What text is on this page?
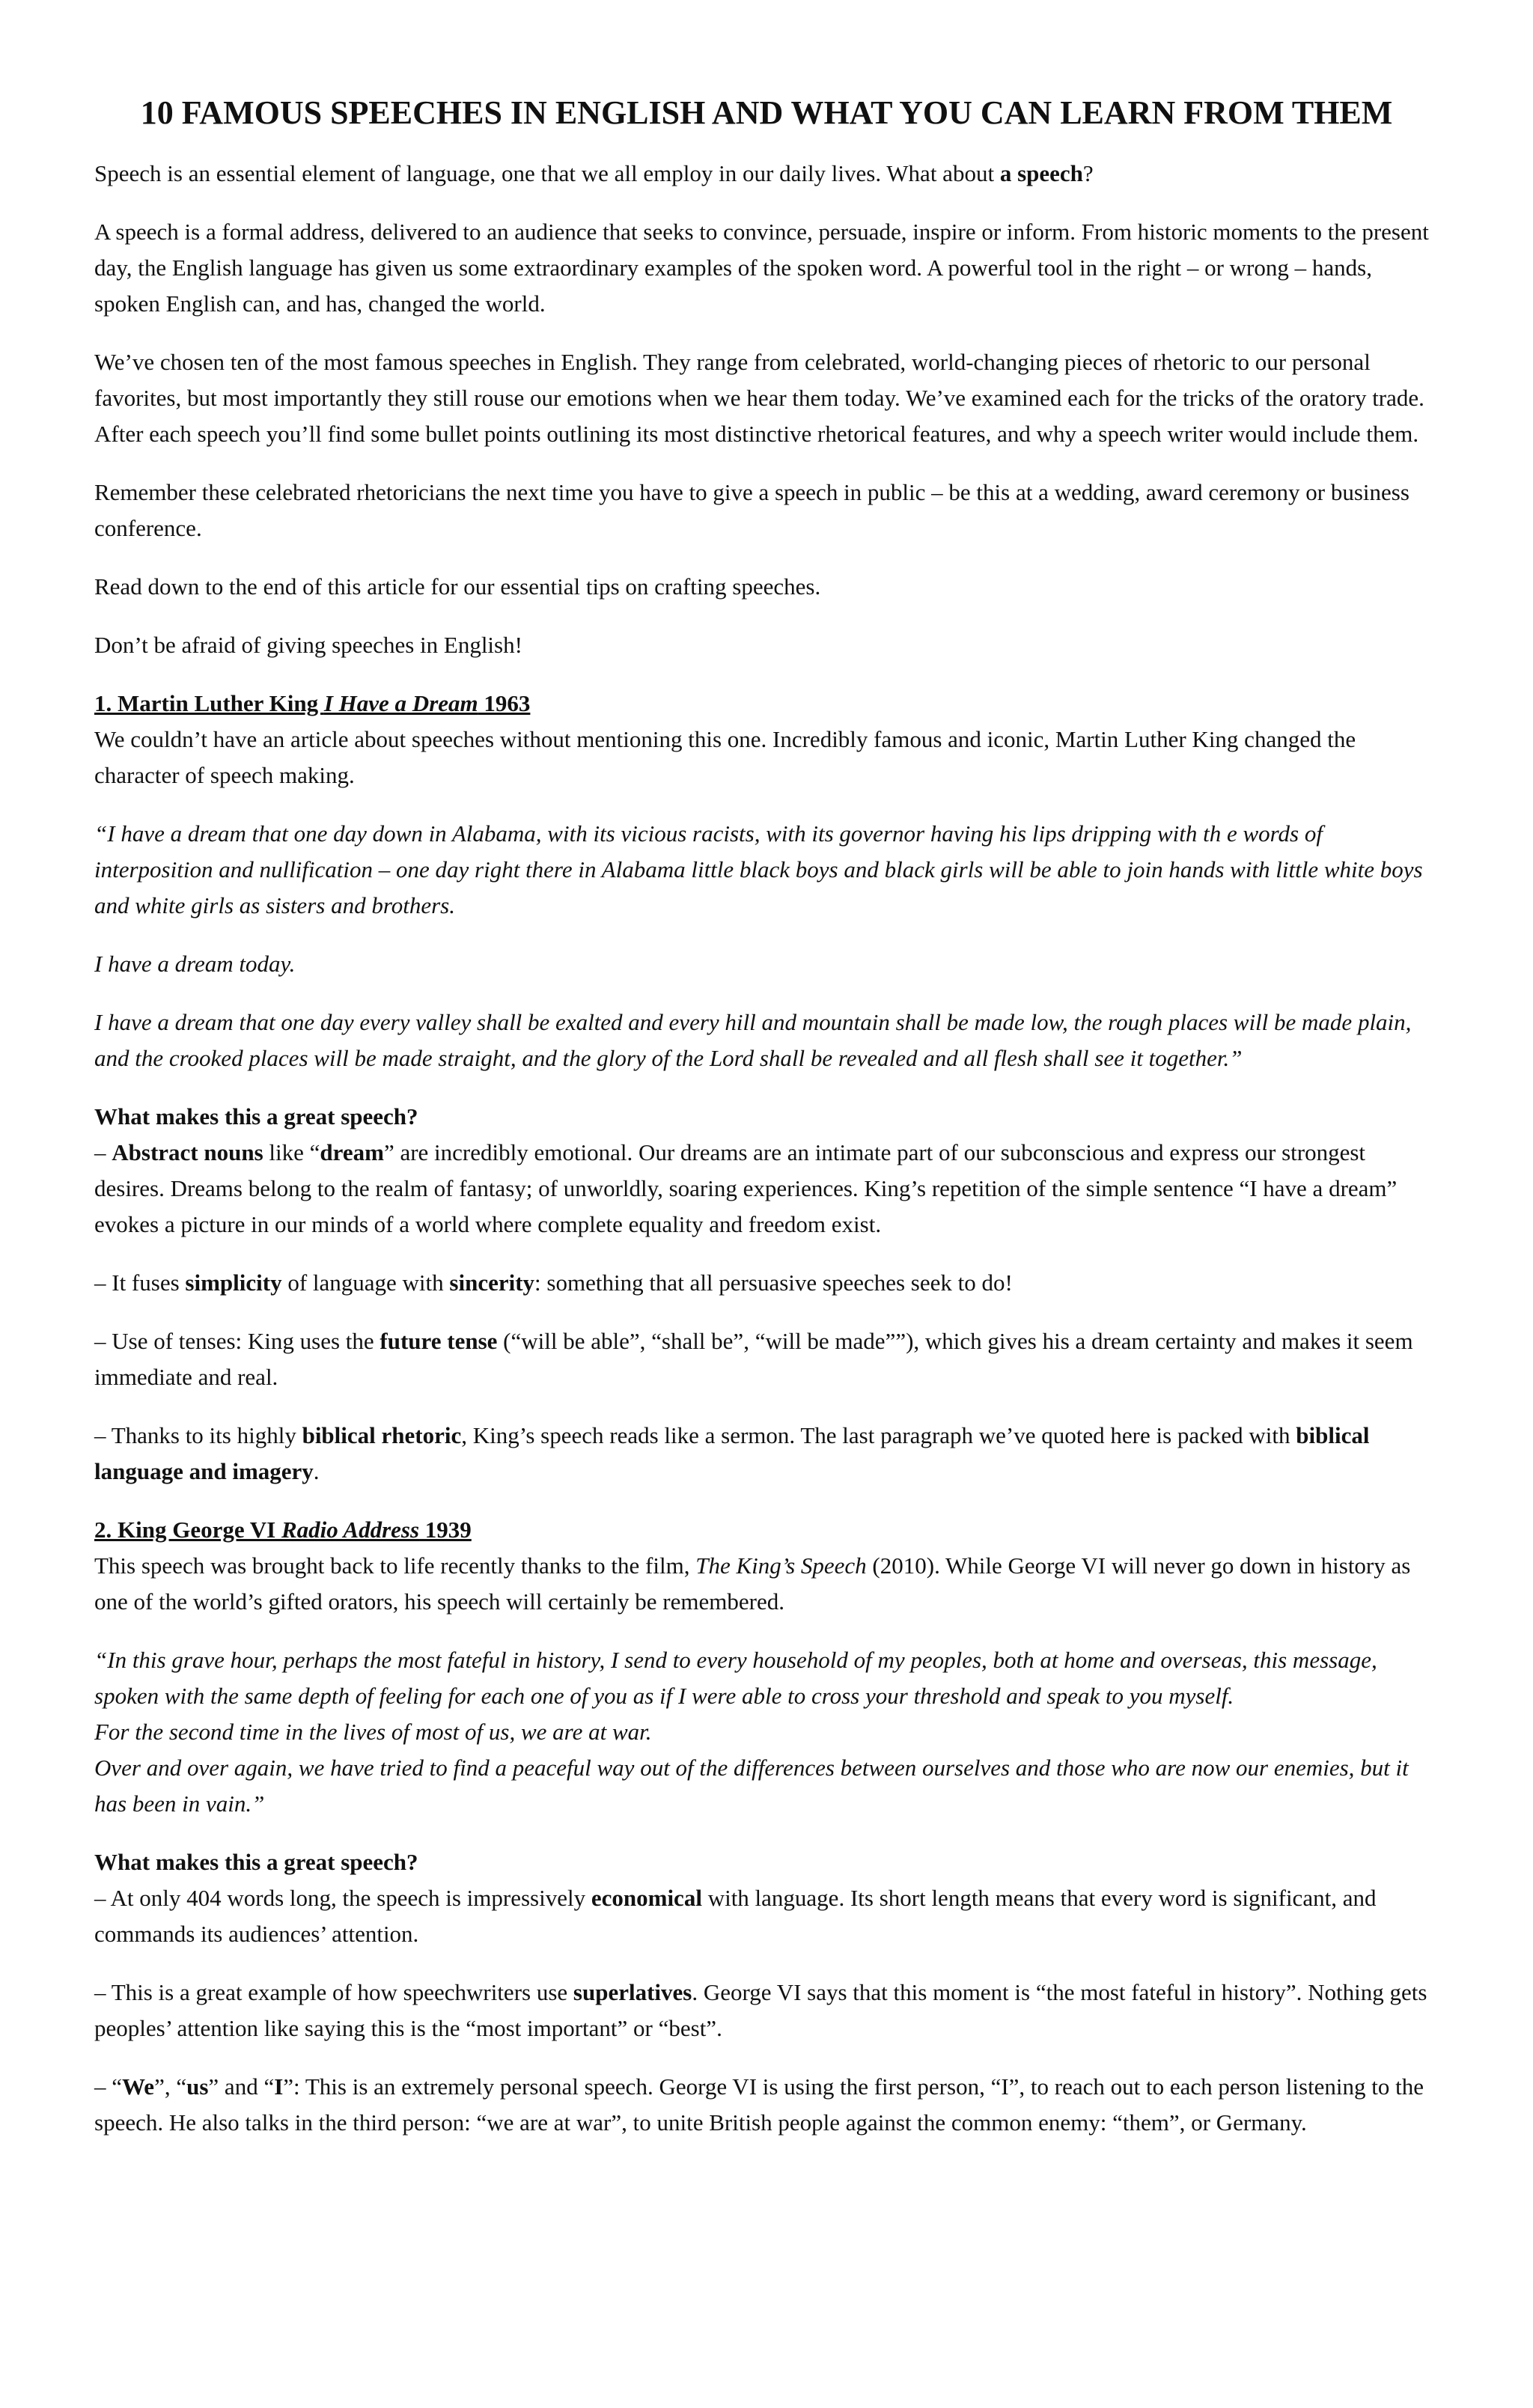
10 FAMOUS SPEECHES IN ENGLISH AND WHAT YOU CAN LEARN FROM THEM

Speech is an essential element of language, one that we all employ in our daily lives. What about a speech?

A speech is a formal address, delivered to an audience that seeks to convince, persuade, inspire or inform. From historic moments to the present day, the English language has given us some extraordinary examples of the spoken word. A powerful tool in the right – or wrong – hands, spoken English can, and has, changed the world.

We’ve chosen ten of the most famous speeches in English. They range from celebrated, world-changing pieces of rhetoric to our personal favorites, but most importantly they still rouse our emotions when we hear them today. We’ve examined each for the tricks of the oratory trade. After each speech you’ll find some bullet points outlining its most distinctive rhetorical features, and why a speech writer would include them.

Remember these celebrated rhetoricians the next time you have to give a speech in public – be this at a wedding, award ceremony or business conference.

Read down to the end of this article for our essential tips on crafting speeches.

Don’t be afraid of giving speeches in English!

1. Martin Luther King I Have a Dream 1963
We couldn’t have an article about speeches without mentioning this one. Incredibly famous and iconic, Martin Luther King changed the character of speech making.

“I have a dream that one day down in Alabama, with its vicious racists, with its governor having his lips dripping with th e words of interposition and nullification – one day right there in Alabama little black boys and black girls will be able to join hands with little white boys and white girls as sisters and brothers.

I have a dream today.

I have a dream that one day every valley shall be exalted and every hill and mountain shall be made low, the rough places will be made plain, and the crooked places will be made straight, and the glory of the Lord shall be revealed and all flesh shall see it together.”

What makes this a great speech?
– Abstract nouns like “dream” are incredibly emotional. Our dreams are an intimate part of our subconscious and express our strongest desires. Dreams belong to the realm of fantasy; of unworldly, soaring experiences. King’s repetition of the simple sentence “I have a dream” evokes a picture in our minds of a world where complete equality and freedom exist.

– It fuses simplicity of language with sincerity: something that all persuasive speeches seek to do!

– Use of tenses: King uses the future tense (“will be able”, “shall be”, “will be made””), which gives his a dream certainty and makes it seem immediate and real.

– Thanks to its highly biblical rhetoric, King’s speech reads like a sermon. The last paragraph we’ve quoted here is packed with biblical language and imagery.

2. King George VI Radio Address 1939
This speech was brought back to life recently thanks to the film, The King’s Speech (2010). While George VI will never go down in history as one of the world’s gifted orators, his speech will certainly be remembered.

“In this grave hour, perhaps the most fateful in history, I send to every household of my peoples, both at home and overseas, this message, spoken with the same depth of feeling for each one of you as if I were able to cross your threshold and speak to you myself.
For the second time in the lives of most of us, we are at war.
Over and over again, we have tried to find a peaceful way out of the differences between ourselves and those who are now our enemies, but it has been in vain.”

What makes this a great speech?
– At only 404 words long, the speech is impressively economical with language. Its short length means that every word is significant, and commands its audiences’ attention.

– This is a great example of how speechwriters use superlatives. George VI says that this moment is “the most fateful in history”. Nothing gets peoples’ attention like saying this is the “most important” or “best”.

– “We”, “us” and “I”: This is an extremely personal speech. George VI is using the first person, “I”, to reach out to each person listening to the speech. He also talks in the third person: “we are at war”, to unite British people against the common enemy: “them”, or Germany.
